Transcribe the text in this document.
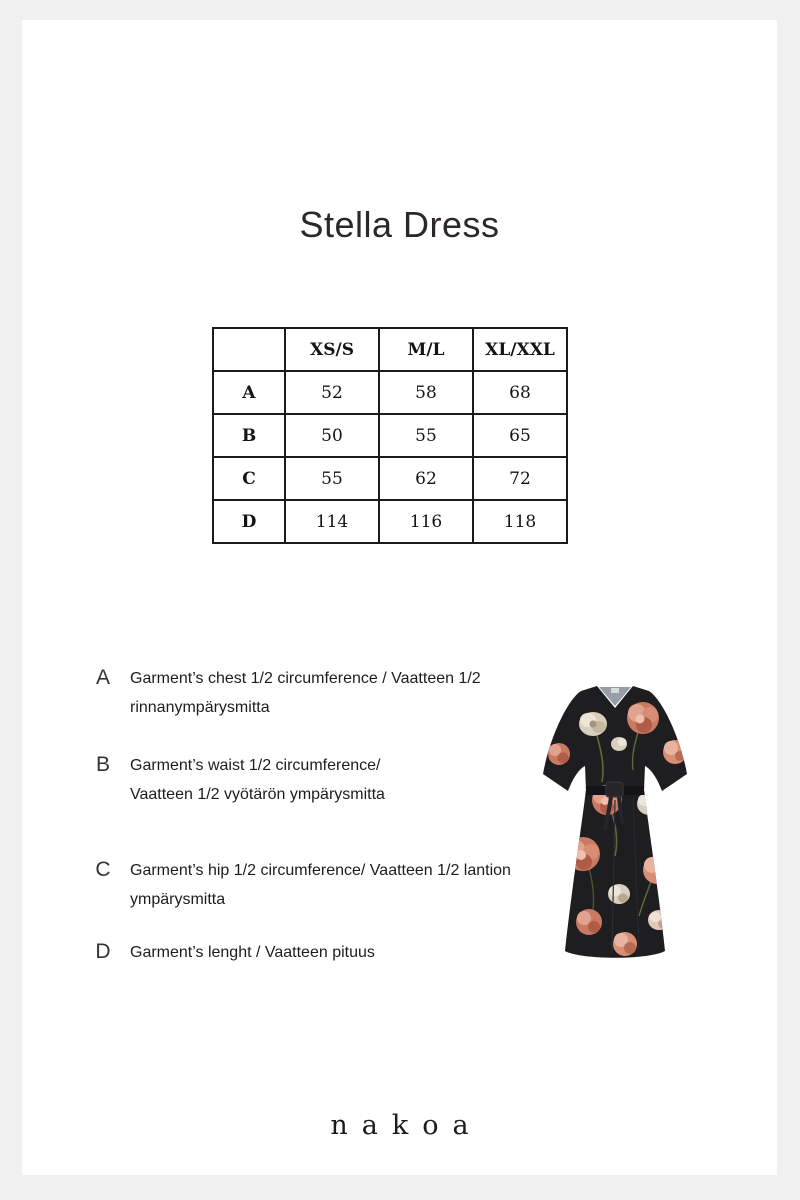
Stella Dress
	XS/S	M/L	XL/XXL
A	52	58	68
B	50	55	65
C	55	62	72
D	114	116	118
A	Garment’s chest 1/2 circumference / Vaatteen 1/2
rinnanympärysmitta
B	Garment’s waist 1/2 circumference/
Vaatteen 1/2 vyötärön ympärysmitta
C	Garment’s hip 1/2 circumference/ Vaatteen 1/2 lantion
ympärysmitta
D	Garment’s lenght / Vaatteen pituus
nakoa
